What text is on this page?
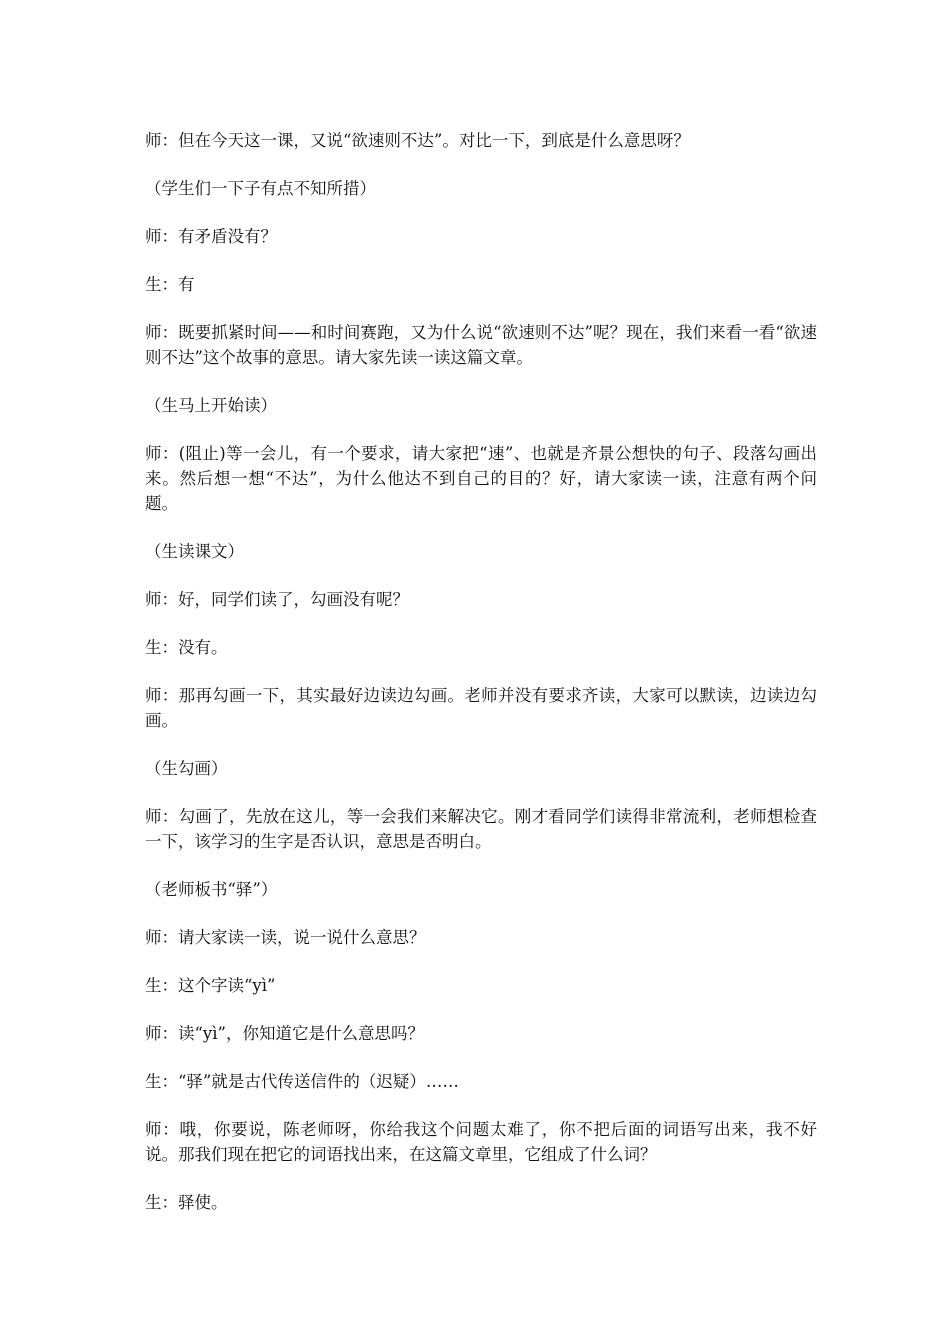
师：但在今天这一课，又说“欲速则不达”。对比一下，到底是什么意思呀？

（学生们一下子有点不知所措）

师：有矛盾没有？

生：有

师：既要抓紧时间——和时间赛跑，又为什么说“欲速则不达”呢？现在，我们来看一看“欲速则不达”这个故事的意思。请大家先读一读这篇文章。

（生马上开始读）

师：(阻止)等一会儿，有一个要求，请大家把“速”、也就是齐景公想快的句子、段落勾画出来。然后想一想“不达”，为什么他达不到自己的目的？好，请大家读一读，注意有两个问题。

（生读课文）

师：好，同学们读了，勾画没有呢？

生：没有。

师：那再勾画一下，其实最好边读边勾画。老师并没有要求齐读，大家可以默读，边读边勾画。

（生勾画）

师：勾画了，先放在这儿，等一会我们来解决它。刚才看同学们读得非常流利，老师想检查一下，该学习的生字是否认识，意思是否明白。

（老师板书“驿”）

师：请大家读一读，说一说什么意思？

生：这个字读“yì”

师：读“yì”，你知道它是什么意思吗？

生：“驿”就是古代传送信件的（迟疑）……

师：哦，你要说，陈老师呀，你给我这个问题太难了，你不把后面的词语写出来，我不好说。那我们现在把它的词语找出来，在这篇文章里，它组成了什么词？

生：驿使。
